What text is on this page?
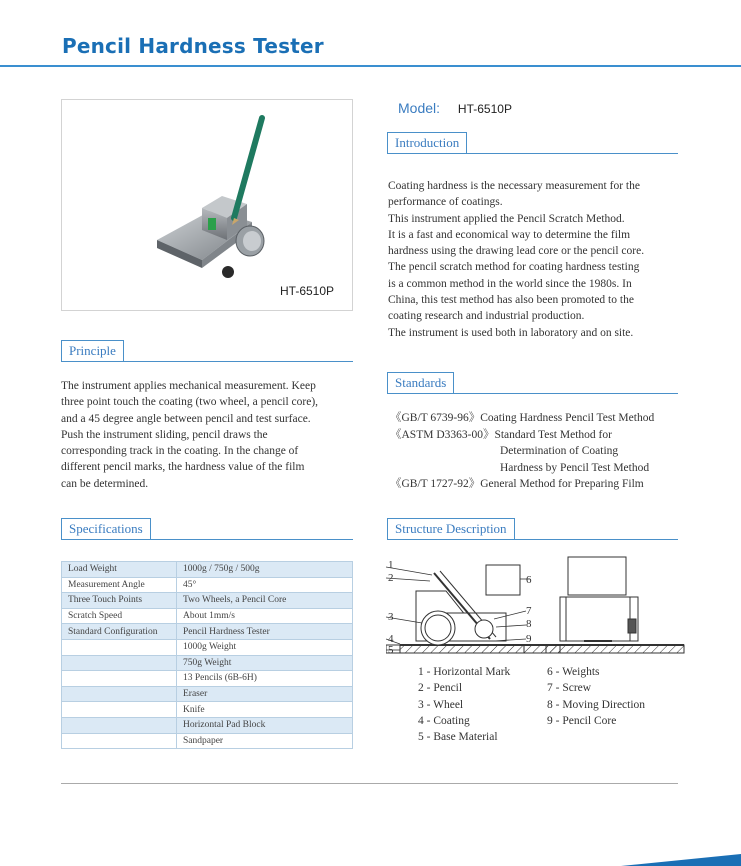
Pencil Hardness Tester
HT-6510P
Model: HT-6510P
Introduction
Coating hardness is the necessary measurement for the
performance of coatings.
This instrument applied the Pencil Scratch Method.
It is a fast and economical way to determine the film
hardness using the drawing lead core or the pencil core.
The pencil scratch method for coating hardness testing
is a common method in the world since the 1980s. In
China, this test method has also been promoted to the
coating research and industrial production.
The instrument is used both in laboratory and on site.
Principle
The instrument applies mechanical measurement. Keep
three point touch the coating (two wheel, a pencil core),
and a 45 degree angle between pencil and test surface.
Push the instrument sliding, pencil draws the
corresponding track in the coating. In the change of
different pencil marks, the hardness value of the film
can be determined.
Standards
《GB/T 6739-96》Coating Hardness Pencil Test Method
《ASTM D3363-00》Standard Test Method for
Determination of Coating
Hardness by Pencil Test Method
《GB/T 1727-92》General Method for Preparing Film
Specifications
Load Weight	1000g / 750g / 500g
Measurement Angle	45°
Three Touch Points	Two Wheels, a Pencil Core
Scratch Speed	About 1mm/s
Standard Configuration	Pencil Hardness Tester
	1000g Weight
	750g Weight
	13 Pencils (6B-6H)
	Eraser
	Knife
	Horizontal Pad Block
	Sandpaper
Structure Description
1
2
3
4
5
6
7
8
9
1 - Horizontal Mark
2 - Pencil
3 - Wheel
4 - Coating
5 - Base Material
6 - Weights
7 - Screw
8 - Moving Direction
9 - Pencil Core
